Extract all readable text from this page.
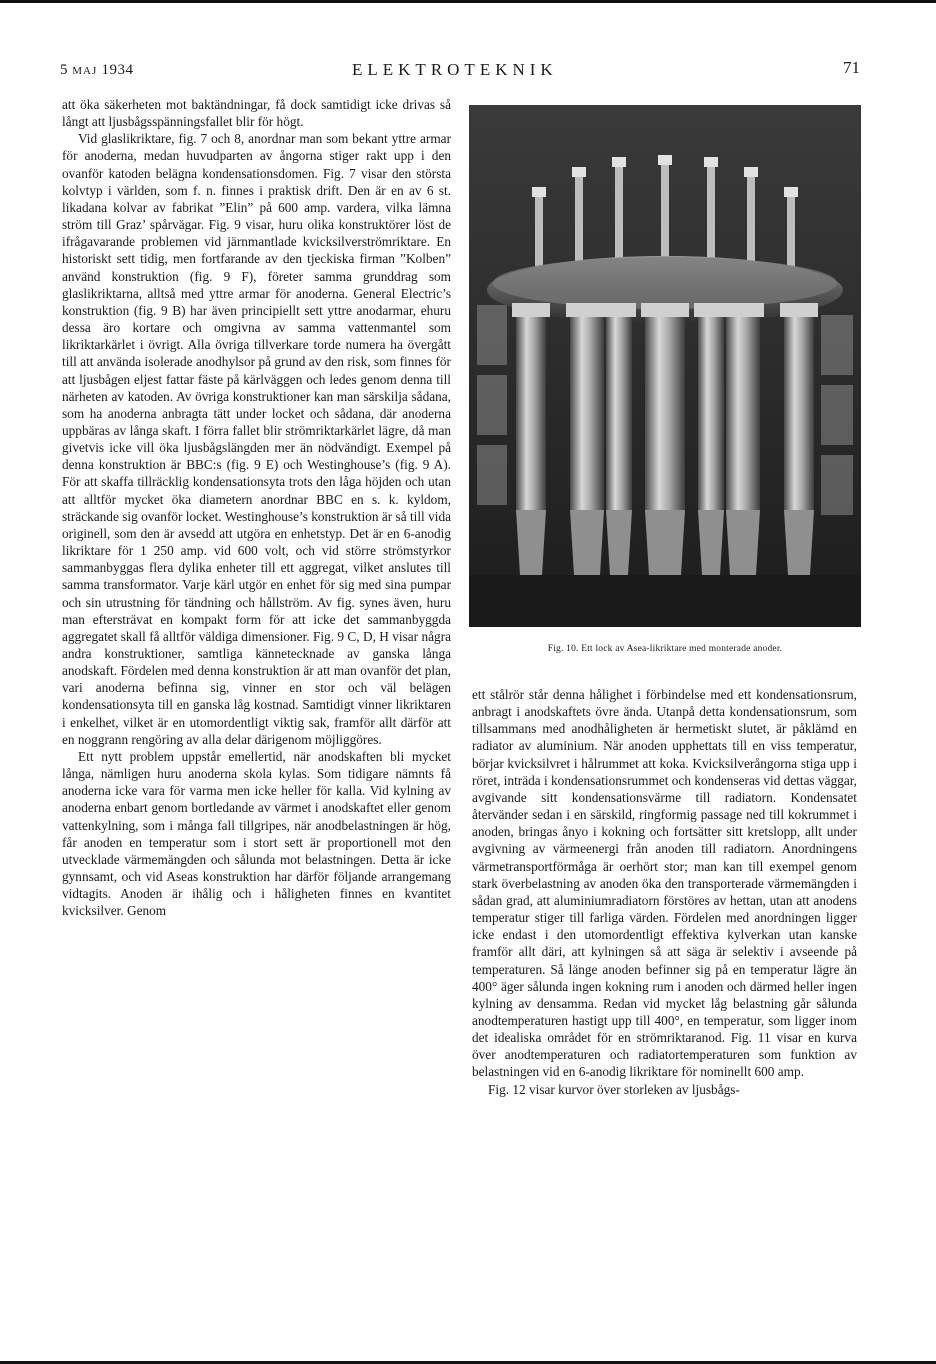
5 MAJ 1934	ELEKTROTEKNIK	71

att öka säkerheten mot baktändningar, få dock samtidigt icke drivas så långt att ljusbågsspänningsfallet blir för högt.

Vid glaslikriktare, fig. 7 och 8, anordnar man som bekant yttre armar för anoderna, medan huvudparten av ångorna stiger rakt upp i den ovanför katoden belägna kondensationsdomen. Fig. 7 visar den största kolvtyp i världen, som f. n. finnes i praktisk drift. Den är en av 6 st. likadana kolvar av fabrikat ”Elin” på 600 amp. vardera, vilka lämna ström till Graz’ spårvägar. Fig. 9 visar, huru olika konstruktörer löst de ifrågavarande problemen vid järnmantlade kvicksilverströmriktare. En historiskt sett tidig, men fortfarande av den tjeckiska firman ”Kolben” använd konstruktion (fig. 9 F), företer samma grunddrag som glaslikriktarna, alltså med yttre armar för anoderna. General Electric’s konstruktion (fig. 9 B) har även principiellt sett yttre anodarmar, ehuru dessa äro kortare och omgivna av samma vattenmantel som likriktarkärlet i övrigt. Alla övriga tillverkare torde numera ha övergått till att använda isolerade anodhylsor på grund av den risk, som finnes för att ljusbågen eljest fattar fäste på kärlväggen och ledes genom denna till närheten av katoden. Av övriga konstruktioner kan man särskilja sådana, som ha anoderna anbragta tätt under locket och sådana, där anoderna uppbäras av långa skaft. I förra fallet blir strömriktarkärlet lägre, då man givetvis icke vill öka ljusbågslängden mer än nödvändigt. Exempel på denna konstruktion är BBC:s (fig. 9 E) och Westinghouse’s (fig. 9 A). För att skaffa tillräcklig kondensationsyta trots den låga höjden och utan att alltför mycket öka diametern anordnar BBC en s. k. kyldom, sträckande sig ovanför locket. Westinghouse’s konstruktion är så till vida originell, som den är avsedd att utgöra en enhetstyp. Det är en 6-anodig likriktare för 1 250 amp. vid 600 volt, och vid större strömstyrkor sammanbyggas flera dylika enheter till ett aggregat, vilket anslutes till samma transformator. Varje kärl utgör en enhet för sig med sina pumpar och sin utrustning för tändning och hållström. Av fig. synes även, huru man eftersträvat en kompakt form för att icke det sammanbyggda aggregatet skall få alltför väldiga dimensioner. Fig. 9 C, D, H visar några andra konstruktioner, samtliga kännetecknade av ganska långa anodskaft. Fördelen med denna konstruktion är att man ovanför det plan, vari anoderna befinna sig, vinner en stor och väl belägen kondensationsyta till en ganska låg kostnad. Samtidigt vinner likriktaren i enkelhet, vilket är en utomordentligt viktig sak, framför allt därför att en noggrann rengöring av alla delar därigenom möjliggöres.

Ett nytt problem uppstår emellertid, när anodskaften bli mycket långa, nämligen huru anoderna skola kylas. Som tidigare nämnts få anoderna icke vara för varma men icke heller för kalla. Vid kylning av anoderna enbart genom bortledande av värmet i anodskaftet eller genom vattenkylning, som i många fall tillgripes, när anodbelastningen är hög, får anoden en temperatur som i stort sett är proportionell mot den utvecklade värmemängden och sålunda mot belastningen. Detta är icke gynnsamt, och vid Aseas konstruktion har därför följande arrangemang vidtagits. Anoden är ihålig och i håligheten finnes en kvantitet kvicksilver. Genom

Fig. 10. Ett lock av Asea-likriktare med monterade anoder.

ett stålrör står denna hålighet i förbindelse med ett kondensationsrum, anbragt i anodskaftets övre ända. Utanpå detta kondensationsrum, som tillsammans med anodhåligheten är hermetiskt slutet, är påklämd en radiator av aluminium. När anoden upphettats till en viss temperatur, börjar kvicksilvret i hålrummet att koka. Kvicksilverångorna stiga upp i röret, inträda i kondensationsrummet och kondenseras vid dettas väggar, avgivande sitt kondensationsvärme till radiatorn. Kondensatet återvänder sedan i en särskild, ringformig passage ned till kokrummet i anoden, bringas ånyo i kokning och fortsätter sitt kretslopp, allt under avgivning av värmeenergi från anoden till radiatorn. Anordningens värmetransportförmåga är oerhört stor; man kan till exempel genom stark överbelastning av anoden öka den transporterade värmemängden i sådan grad, att aluminiumradiatorn förstöres av hettan, utan att anodens temperatur stiger till farliga värden. Fördelen med anordningen ligger icke endast i den utomordentligt effektiva kylverkan utan kanske framför allt däri, att kylningen så att säga är selektiv i avseende på temperaturen. Så länge anoden befinner sig på en temperatur lägre än 400° äger sålunda ingen kokning rum i anoden och därmed heller ingen kylning av densamma. Redan vid mycket låg belastning går sålunda anodtemperaturen hastigt upp till 400°, en temperatur, som ligger inom det idealiska området för en strömriktaranod. Fig. 11 visar en kurva över anodtemperaturen och radiatortemperaturen som funktion av belastningen vid en 6-anodig likriktare för nominellt 600 amp.

Fig. 12 visar kurvor över storleken av ljusbågs-
